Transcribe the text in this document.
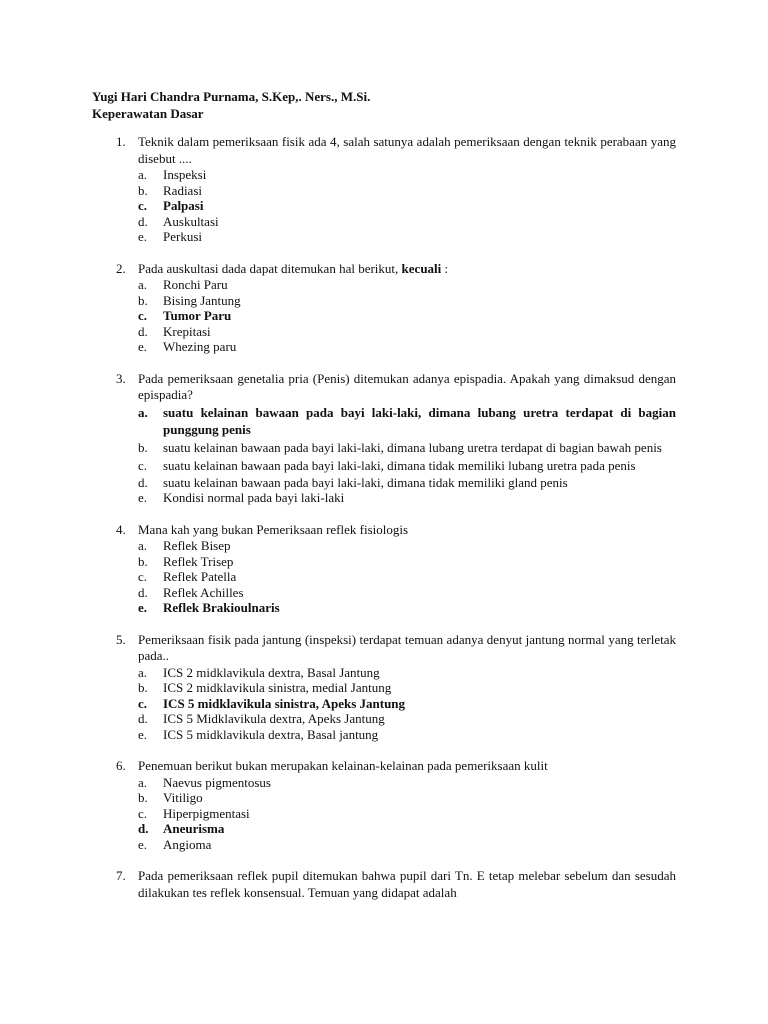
Yugi Hari Chandra Purnama, S.Kep,. Ners., M.Si.

Keperawatan Dasar

1. Teknik dalam pemeriksaan fisik ada 4, salah satunya adalah pemeriksaan dengan teknik perabaan yang disebut ....
a. Inspeksi
b. Radiasi
c. Palpasi
d. Auskultasi
e. Perkusi
2. Pada auskultasi dada dapat ditemukan hal berikut, kecuali :
a. Ronchi Paru
b. Bising Jantung
c. Tumor Paru
d. Krepitasi
e. Whezing paru
3. Pada pemeriksaan genetalia pria (Penis) ditemukan adanya epispadia. Apakah yang dimaksud dengan epispadia?
a. suatu kelainan bawaan pada bayi laki-laki, dimana lubang uretra terdapat di bagian punggung penis
b. suatu kelainan bawaan pada bayi laki-laki, dimana lubang uretra terdapat di bagian bawah penis
c. suatu kelainan bawaan pada bayi laki-laki, dimana tidak memiliki lubang uretra pada penis
d. suatu kelainan bawaan pada bayi laki-laki, dimana tidak memiliki gland penis
e. Kondisi normal pada bayi laki-laki
4. Mana kah yang bukan Pemeriksaan reflek fisiologis
a. Reflek Bisep
b. Reflek Trisep
c. Reflek Patella
d. Reflek Achilles
e. Reflek Brakioulnaris
5. Pemeriksaan fisik pada jantung (inspeksi) terdapat temuan adanya denyut jantung normal yang terletak pada..
a. ICS 2 midklavikula dextra, Basal Jantung
b. ICS 2 midklavikula sinistra, medial Jantung
c. ICS 5 midklavikula sinistra, Apeks Jantung
d. ICS 5 Midklavikula dextra, Apeks Jantung
e. ICS 5 midklavikula dextra, Basal jantung
6. Penemuan berikut bukan merupakan kelainan-kelainan pada pemeriksaan kulit
a. Naevus pigmentosus
b. Vitiligo
c. Hiperpigmentasi
d. Aneurisma
e. Angioma
7. Pada pemeriksaan reflek pupil ditemukan bahwa pupil dari Tn. E tetap melebar sebelum dan sesudah dilakukan tes reflek konsensual. Temuan yang didapat adalah
